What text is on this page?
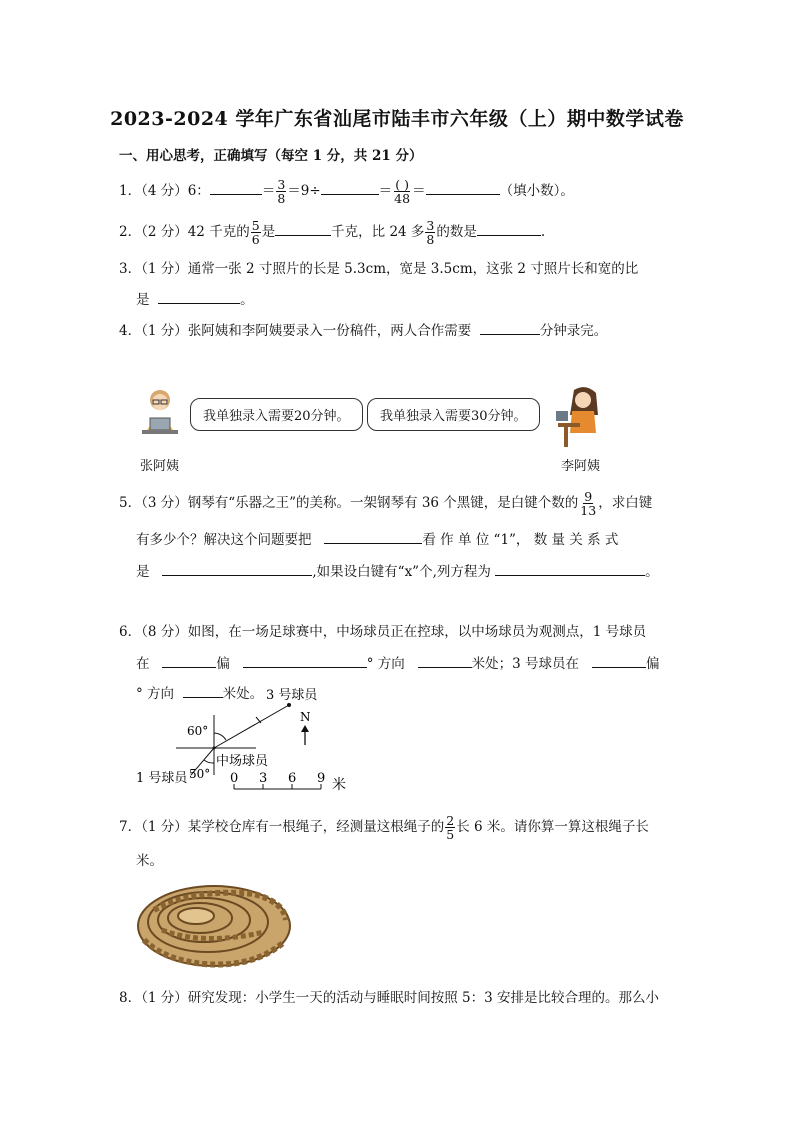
2023-2024 学年广东省汕尾市陆丰市六年级（上）期中数学试卷
一、用心思考，正确填写（每空 1 分，共 21 分）
1．（4 分）6：	＝ $\frac{3}{8} =9\div$	＝ $\frac{( )}{48}$ ＝	（填小数）。
2．（2 分）42 千克的 $\frac{5}{6}$ 是	千克，比 24 多 $\frac{3}{8}$ 的数是	.
3．（1 分）通常一张 2 寸照片的长是 5.3cm，宽是 3.5cm，这张 2 寸照片长和宽的比
是	。
4．（1 分）张阿姨和李阿姨要录入一份稿件，两人合作需要	分钟录完。
我单独录入需要20分钟。	我单独录入需要30分钟。
张阿姨	李阿姨
5．（3 分）钢琴有“乐器之王”的美称。一架钢琴有 36 个黑键，是白键个数的 $\frac{9}{13}$ ，求白键
有多少个？解决这个问题要把	看 作 单 位 “1”， 数 量 关 系 式
是	,如果设白键有“x”个,列方程为	。
6．（8 分）如图，在一场足球赛中，中场球员正在控球，以中场球员为观测点，1 号球员
在	偏	° 方向	米处；3 号球员在	偏
° 方向	米处。 3 号球员
N
60°
中场球员
1 号球员 50° 0 3 6 9 米
7．（1 分）某学校仓库有一根绳子，经测量这根绳子的 $\frac{2}{5}$ 长 6 米。请你算一算这根绳子长
米。
8．（1 分）研究发现：小学生一天的活动与睡眠时间按照 5：3 安排是比较合理的。那么小
